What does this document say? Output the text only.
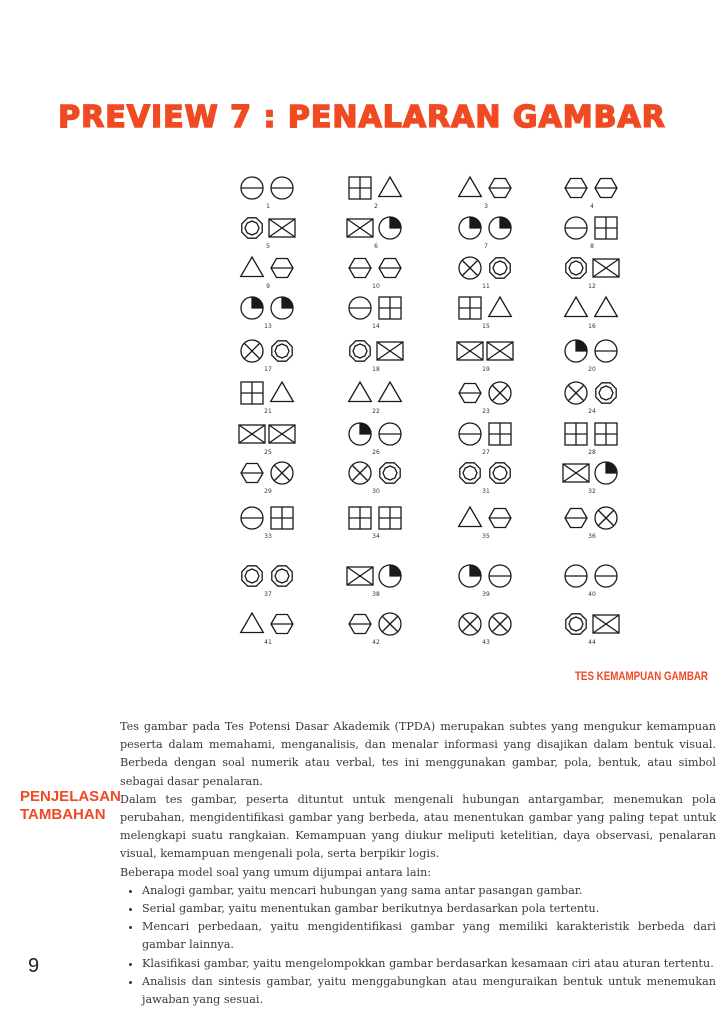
PREVIEW 7 : PENALARAN GAMBAR
1	2	3	4
5	6	7	8
9	10	11	12
13	14	15	16
17	18	19	20
21	22	23	24
25	26	27	28
29	30	31	32
33	34	35	36
37	38	39	40
41	42	43	44
TES KEMAMPUAN GAMBAR
PENJELASAN TAMBAHAN

Tes gambar pada Tes Potensi Dasar Akademik (TPDA) merupakan subtes yang mengukur kemampuan peserta dalam memahami, menganalisis, dan menalar informasi yang disajikan dalam bentuk visual. Berbeda dengan soal numerik atau verbal, tes ini menggunakan gambar, pola, bentuk, atau simbol sebagai dasar penalaran.

Dalam tes gambar, peserta dituntut untuk mengenali hubungan antargambar, menemukan pola perubahan, mengidentifikasi gambar yang berbeda, atau menentukan gambar yang paling tepat untuk melengkapi suatu rangkaian. Kemampuan yang diukur meliputi ketelitian, daya observasi, penalaran visual, kemampuan mengenali pola, serta berpikir logis.

Beberapa model soal yang umum dijumpai antara lain:

• Analogi gambar, yaitu mencari hubungan yang sama antar pasangan gambar.
• Serial gambar, yaitu menentukan gambar berikutnya berdasarkan pola tertentu.
• Mencari perbedaan, yaitu mengidentifikasi gambar yang memiliki karakteristik berbeda dari gambar lainnya.
• Klasifikasi gambar, yaitu mengelompokkan gambar berdasarkan kesamaan ciri atau aturan tertentu.
• Analisis dan sintesis gambar, yaitu menggabungkan atau menguraikan bentuk untuk menemukan jawaban yang sesuai.
9
